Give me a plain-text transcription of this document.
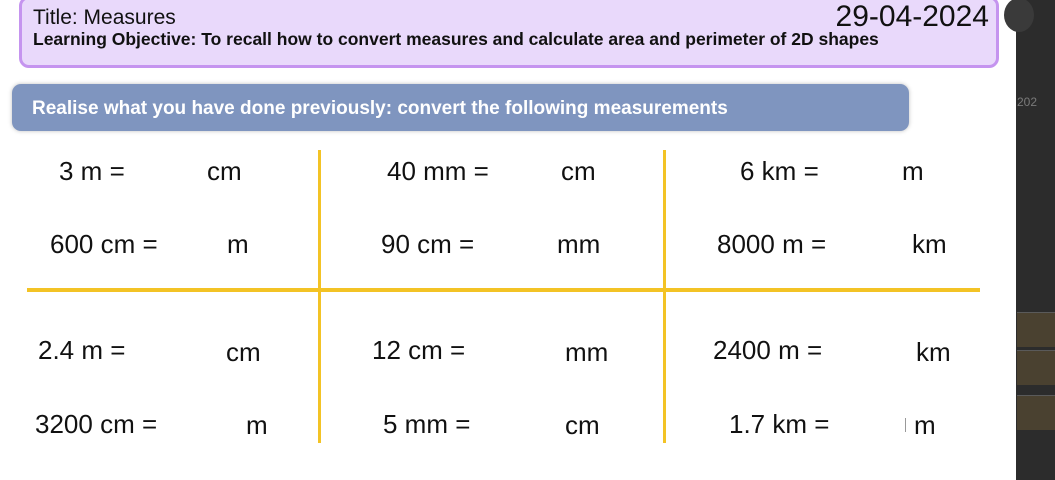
202
Title: Measures	29-04-2024
Learning Objective: To recall how to convert measures and calculate area and perimeter of 2D shapes
Realise what you have done previously: convert the following measurements
3 m =	cm	40 mm =	cm	6 km =	m
600 cm =	m	90 cm =	mm	8000 m =	km
2.4 m =	cm	12 cm =	mm	2400 m =	km
3200 cm =	m	5 mm =	cm	1.7 km =	m
